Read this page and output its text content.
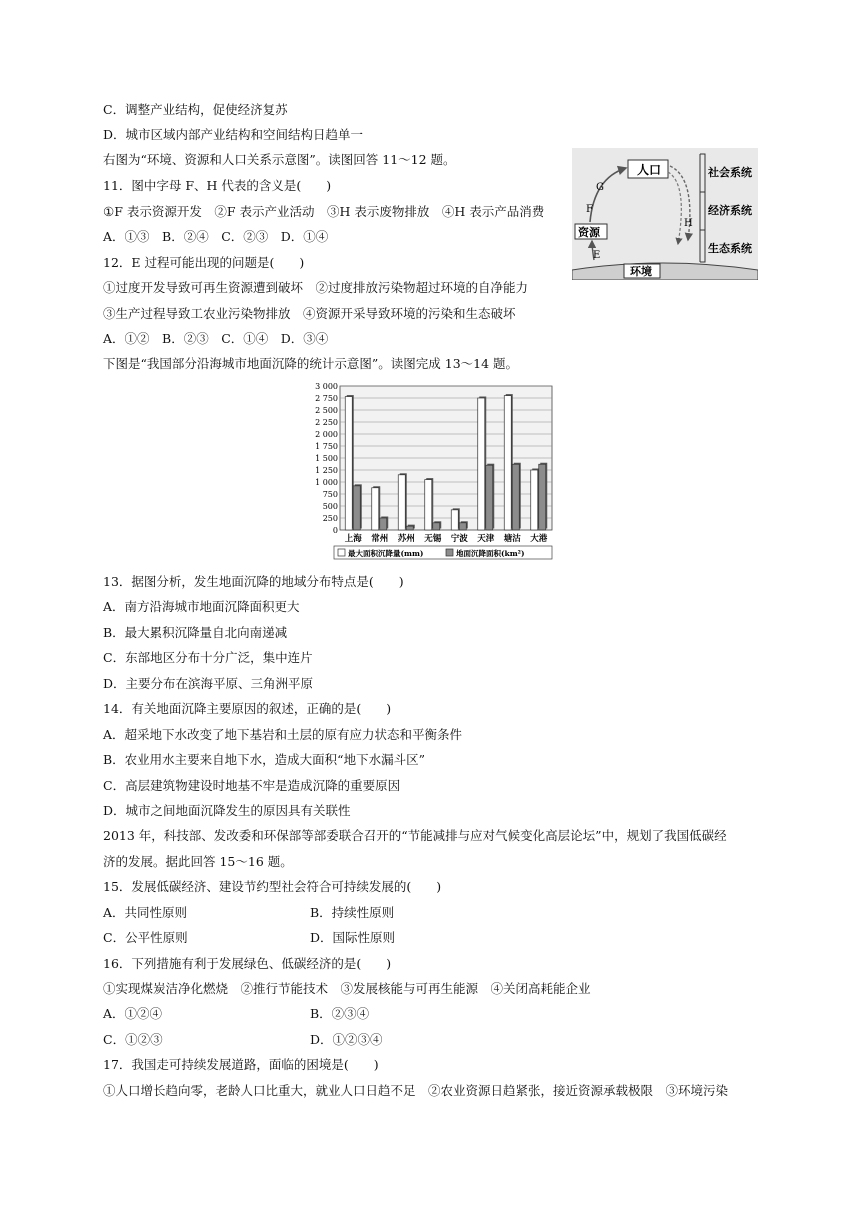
C．调整产业结构，促使经济复苏
D．城市区域内部产业结构和空间结构日趋单一
右图为“环境、资源和人口关系示意图”。读图回答 11～12 题。
11．图中字母 F、H 代表的含义是(　　)
①F 表示资源开发　②F 表示产业活动　③H 表示废物排放　④H 表示产品消费
A．①③　B．②④　C．②③　D．①④
12．E 过程可能出现的问题是(　　)
①过度开发导致可再生资源遭到破坏　②过度排放污染物超过环境的自净能力
③生产过程导致工农业污染物排放　④资源开采导致环境的污染和生态破坏
A．①②　B．②③　C．①④　D．③④
下图是“我国部分沿海城市地面沉降的统计示意图”。读图完成 13～14 题。
社会系统
经济系统
生态系统
人口
资源
环境
G
F
H
E
0
250
500
750
1 000
1 250
1 500
1 750
2 000
2 250
2 500
2 750
3 000
上海 常州 苏州 无锡 宁波 天津 塘沽 大港
最大面积沉降量(mm)	地面沉降面积(km²)
13．据图分析，发生地面沉降的地域分布特点是(　　)
A．南方沿海城市地面沉降面积更大
B．最大累积沉降量自北向南递减
C．东部地区分布十分广泛，集中连片
D．主要分布在滨海平原、三角洲平原
14．有关地面沉降主要原因的叙述，正确的是(　　)
A．超采地下水改变了地下基岩和土层的原有应力状态和平衡条件
B．农业用水主要来自地下水，造成大面积“地下水漏斗区”
C．高层建筑物建设时地基不牢是造成沉降的重要原因
D．城市之间地面沉降发生的原因具有关联性
2013 年，科技部、发改委和环保部等部委联合召开的“节能减排与应对气候变化高层论坛”中，规划了我国低碳经
济的发展。据此回答 15～16 题。
15．发展低碳经济、建设节约型社会符合可持续发展的(　　)
A．共同性原则	B．持续性原则
C．公平性原则	D．国际性原则
16．下列措施有利于发展绿色、低碳经济的是(　　)
①实现煤炭洁净化燃烧　②推行节能技术　③发展核能与可再生能源　④关闭高耗能企业
A．①②④	B．②③④
C．①②③	D．①②③④
17．我国走可持续发展道路，面临的困境是(　　)
①人口增长趋向零，老龄人口比重大，就业人口日趋不足　②农业资源日趋紧张，接近资源承载极限　③环境污染
